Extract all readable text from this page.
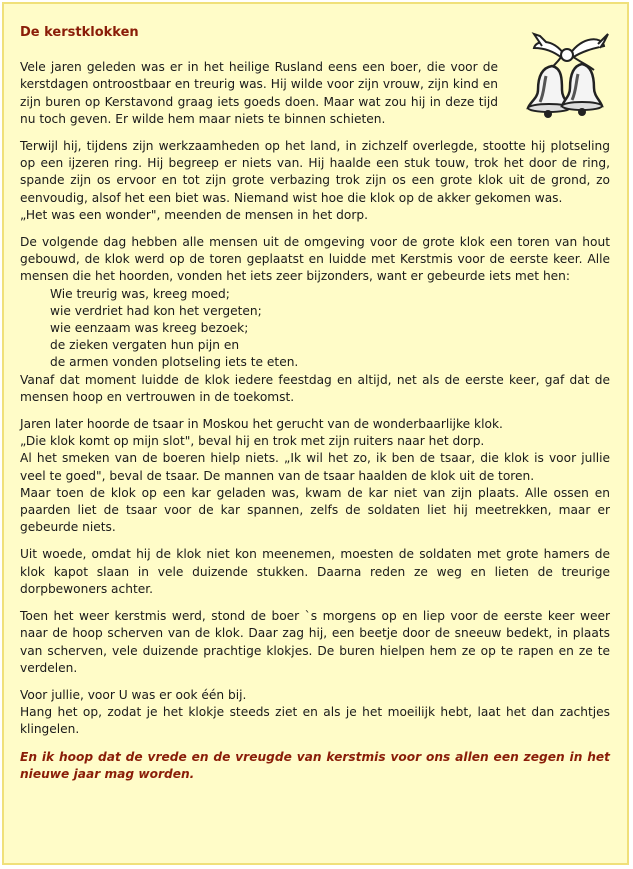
De kerstklokken

Vele jaren geleden was er in het heilige Rusland eens een boer, die voor de kerstdagen ontroostbaar en treurig was. Hij wilde voor zijn vrouw, zijn kind en zijn buren op Kerstavond graag iets goeds doen. Maar wat zou hij in deze tijd nu toch geven. Er wilde hem maar niets te binnen schieten.

Terwijl hij, tijdens zijn werkzaamheden op het land, in zichzelf overlegde, stootte hij plotseling op een ijzeren ring. Hij begreep er niets van. Hij haalde een stuk touw, trok het door de ring, spande zijn os ervoor en tot zijn grote verbazing trok zijn os een grote klok uit de grond, zo eenvoudig, alsof het een biet was. Niemand wist hoe die klok op de akker gekomen was.
„Het was een wonder", meenden de mensen in het dorp.

De volgende dag hebben alle mensen uit de omgeving voor de grote klok een toren van hout gebouwd, de klok werd op de toren geplaatst en luidde met Kerstmis voor de eerste keer. Alle mensen die het hoorden, vonden het iets zeer bijzonders, want er gebeurde iets met hen:
Wie treurig was, kreeg moed;
wie verdriet had kon het vergeten;
wie eenzaam was kreeg bezoek;
de zieken vergaten hun pijn en
de armen vonden plotseling iets te eten.
Vanaf dat moment luidde de klok iedere feestdag en altijd, net als de eerste keer, gaf dat de mensen hoop en vertrouwen in de toekomst.

Jaren later hoorde de tsaar in Moskou het gerucht van de wonderbaarlijke klok.
„Die klok komt op mijn slot", beval hij en trok met zijn ruiters naar het dorp.
Al het smeken van de boeren hielp niets. „Ik wil het zo, ik ben de tsaar, die klok is voor jullie veel te goed", beval de tsaar. De mannen van de tsaar haalden de klok uit de toren.
Maar toen de klok op een kar geladen was, kwam de kar niet van zijn plaats. Alle ossen en paarden liet de tsaar voor de kar spannen, zelfs de soldaten liet hij meetrekken, maar er gebeurde niets.

Uit woede, omdat hij de klok niet kon meenemen, moesten de soldaten met grote hamers de klok kapot slaan in vele duizende stukken. Daarna reden ze weg en lieten de treurige dorpbewoners achter.

Toen het weer kerstmis werd, stond de boer `s morgens op en liep voor de eerste keer weer naar de hoop scherven van de klok. Daar zag hij, een beetje door de sneeuw bedekt, in plaats van scherven, vele duizende prachtige klokjes. De buren hielpen hem ze op te rapen en ze te verdelen.

Voor jullie, voor U was er ook één bij.
Hang het op, zodat je het klokje steeds ziet en als je het moeilijk hebt, laat het dan zachtjes klingelen.

En ik hoop dat de vrede en de vreugde van kerstmis voor ons allen een zegen in het nieuwe jaar mag worden.
